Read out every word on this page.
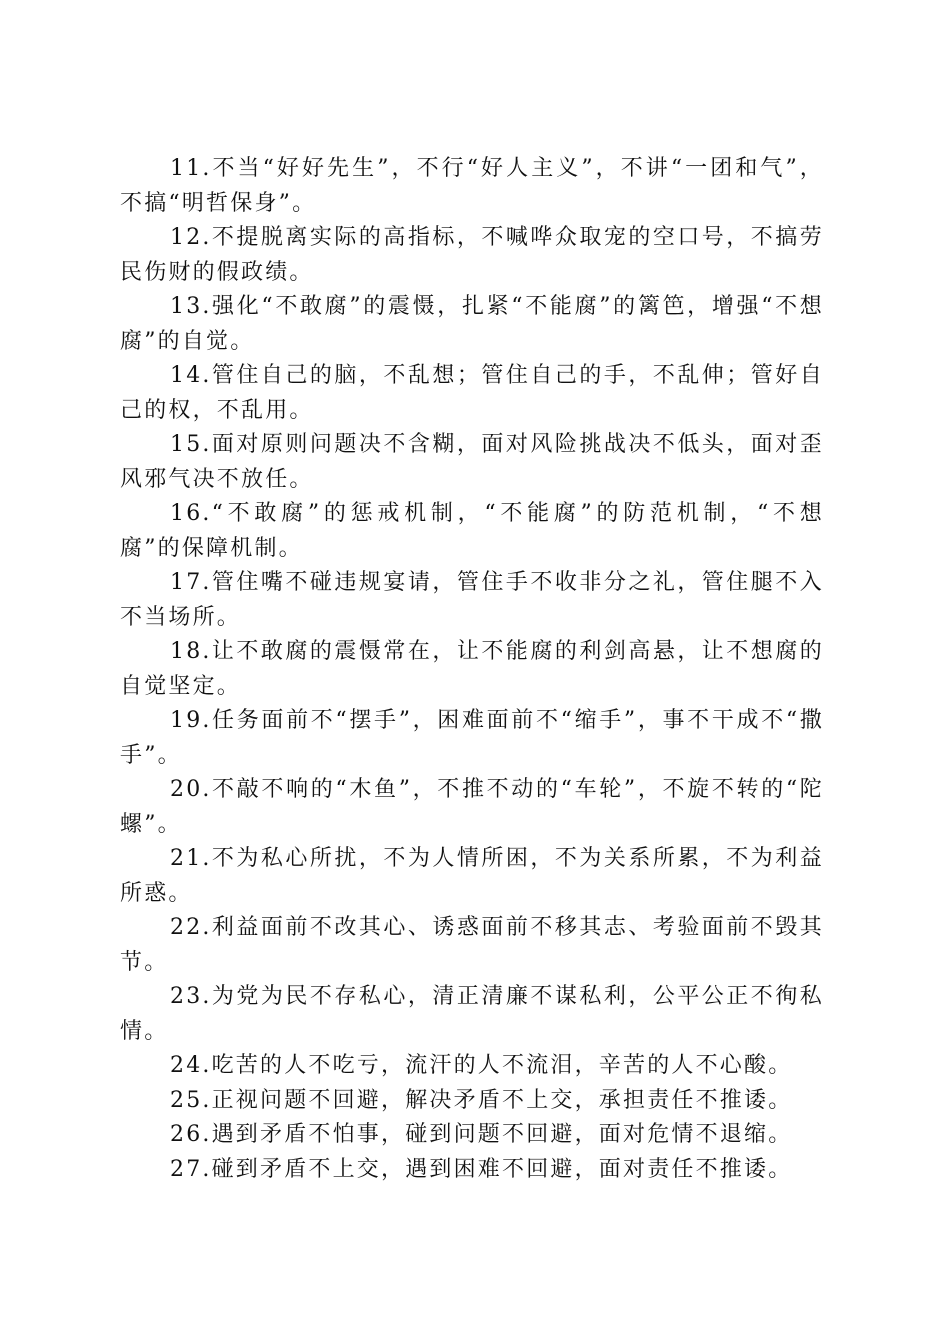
11.不当“好好先生”，不行“好人主义”，不讲“一团和气”，不搞“明哲保身”。

12.不提脱离实际的高指标，不喊哗众取宠的空口号，不搞劳民伤财的假政绩。

13.强化“不敢腐”的震慑，扎紧“不能腐”的篱笆，增强“不想腐”的自觉。

14.管住自己的脑，不乱想；管住自己的手，不乱伸；管好自己的权，不乱用。

15.面对原则问题决不含糊，面对风险挑战决不低头，面对歪风邪气决不放任。

16.“不敢腐”的惩戒机制，“不能腐”的防范机制，“不想腐”的保障机制。

17.管住嘴不碰违规宴请，管住手不收非分之礼，管住腿不入不当场所。

18.让不敢腐的震慑常在，让不能腐的利剑高悬，让不想腐的自觉坚定。

19.任务面前不“摆手”，困难面前不“缩手”，事不干成不“撒手”。

20.不敲不响的“木鱼”，不推不动的“车轮”，不旋不转的“陀螺”。

21.不为私心所扰，不为人情所困，不为关系所累，不为利益所惑。

22.利益面前不改其心、诱惑面前不移其志、考验面前不毁其节。

23.为党为民不存私心，清正清廉不谋私利，公平公正不徇私情。

24.吃苦的人不吃亏，流汗的人不流泪，辛苦的人不心酸。

25.正视问题不回避，解决矛盾不上交，承担责任不推诿。

26.遇到矛盾不怕事，碰到问题不回避，面对危情不退缩。

27.碰到矛盾不上交，遇到困难不回避，面对责任不推诿。
